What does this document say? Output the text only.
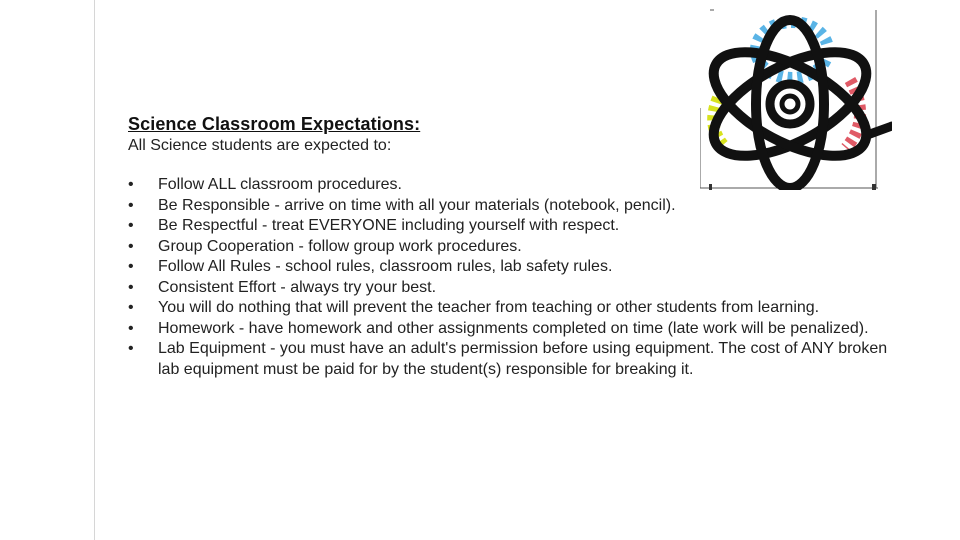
Science Classroom Expectations:

All Science students are expected to:

•	Follow ALL classroom procedures.
•	Be Responsible - arrive on time with all your materials (notebook, pencil).
•	Be Respectful - treat EVERYONE including yourself with respect.
•	Group Cooperation - follow group work procedures.
•	Follow All Rules - school rules, classroom rules, lab safety rules.
•	Consistent Effort - always try your best.
•	You will do nothing that will prevent the teacher from teaching or other students from learning.
•	Homework - have homework and other assignments completed on time (late work will be penalized).
•	Lab Equipment - you must have an adult's permission before using equipment. The cost of ANY broken lab equipment must be paid for by the student(s) responsible for breaking it.
